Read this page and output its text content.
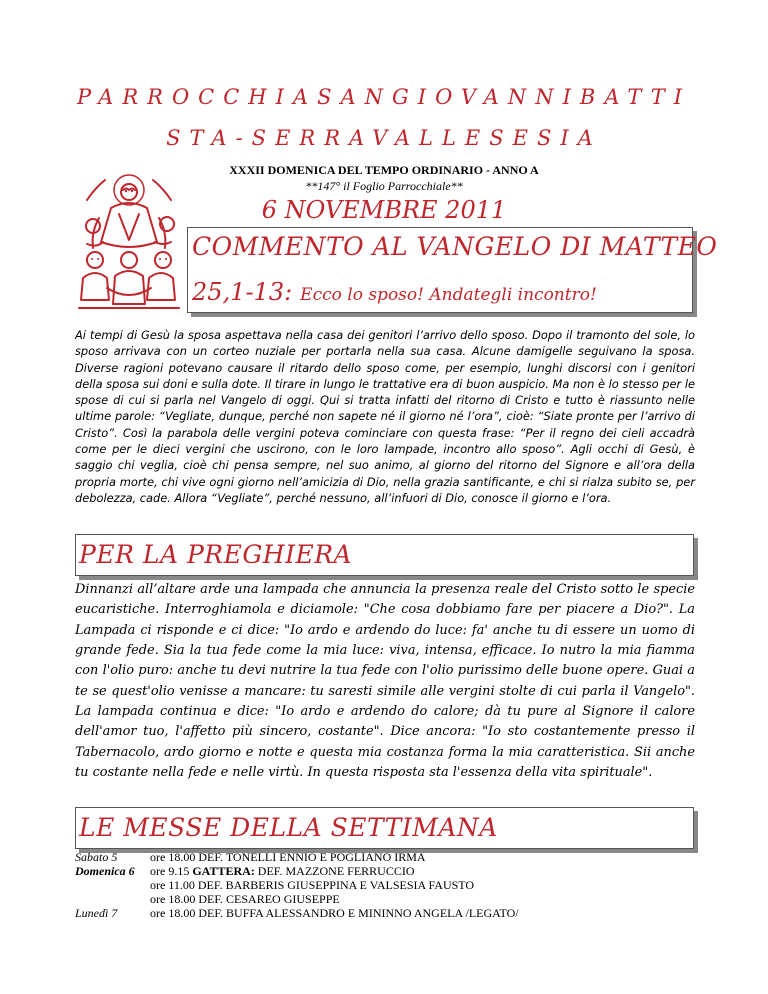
PARROCCHIASANGIOVANNIBATTI
STA-SERRAVALLESESIA
XXXII DOMENICA DEL TEMPO ORDINARIO - ANNO A
**147° il Foglio Parrocchiale**
6 NOVEMBRE 2011
COMMENTO AL VANGELO DI MATTEO
25,1-13: Ecco lo sposo! Andategli incontro!
Ai tempi di Gesù la sposa aspettava nella casa dei genitori l’arrivo dello sposo. Dopo il tramonto del sole, lo sposo arrivava con un corteo nuziale per portarla nella sua casa. Alcune damigelle seguivano la sposa. Diverse ragioni potevano causare il ritardo dello sposo come, per esempio, lunghi discorsi con i genitori della sposa sui doni e sulla dote. Il tirare in lungo le trattative era di buon auspicio. Ma non è lo stesso per le spose di cui si parla nel Vangelo di oggi. Qui si tratta infatti del ritorno di Cristo e tutto è riassunto nelle ultime parole: “Vegliate, dunque, perché non sapete né il giorno né l’ora”, cioè: “Siate pronte per l’arrivo di Cristo”. Così la parabola delle vergini poteva cominciare con questa frase: “Per il regno dei cieli accadrà come per le dieci vergini che uscirono, con le loro lampade, incontro allo sposo”. Agli occhi di Gesù, è saggio chi veglia, cioè chi pensa sempre, nel suo animo, al giorno del ritorno del Signore e all’ora della propria morte, chi vive ogni giorno nell’amicizia di Dio, nella grazia santificante, e chi si rialza subito se, per debolezza, cade. Allora “Vegliate”, perché nessuno, all’infuori di Dio, conosce il giorno e l’ora.
PER LA PREGHIERA
Dinnanzi all’altare arde una lampada che annuncia la presenza reale del Cristo sotto le specie eucaristiche. Interroghiamola e diciamole: "Che cosa dobbiamo fare per piacere a Dio?". La Lampada ci risponde e ci dice: "Io ardo e ardendo do luce: fa' anche tu di essere un uomo di grande fede. Sia la tua fede come la mia luce: viva, intensa, efficace. Io nutro la mia fiamma con l'olio puro: anche tu devi nutrire la tua fede con l'olio purissimo delle buone opere. Guai a te se quest'olio venisse a mancare: tu saresti simile alle vergini stolte di cui parla il Vangelo". La lampada continua e dice: "Io ardo e ardendo do calore; dà tu pure al Signore il calore dell'amor tuo, l'affetto più sincero, costante". Dice ancora: "Io sto costantemente presso il Tabernacolo, ardo giorno e notte e questa mia costanza forma la mia caratteristica. Sii anche tu costante nella fede e nelle virtù. In questa risposta sta l'essenza della vita spirituale".
LE MESSE DELLA SETTIMANA
Sabato 5	ore 18.00 DEF. TONELLI ENNIO E POGLIANO IRMA
Domenica 6	ore 9.15 GATTERA: DEF. MAZZONE FERRUCCIO
ore 11.00 DEF. BARBERIS GIUSEPPINA E VALSESIA FAUSTO
ore 18.00 DEF. CESAREO GIUSEPPE
Lunedì 7	ore 18.00 DEF. BUFFA ALESSANDRO E MININNO ANGELA /LEGATO/
